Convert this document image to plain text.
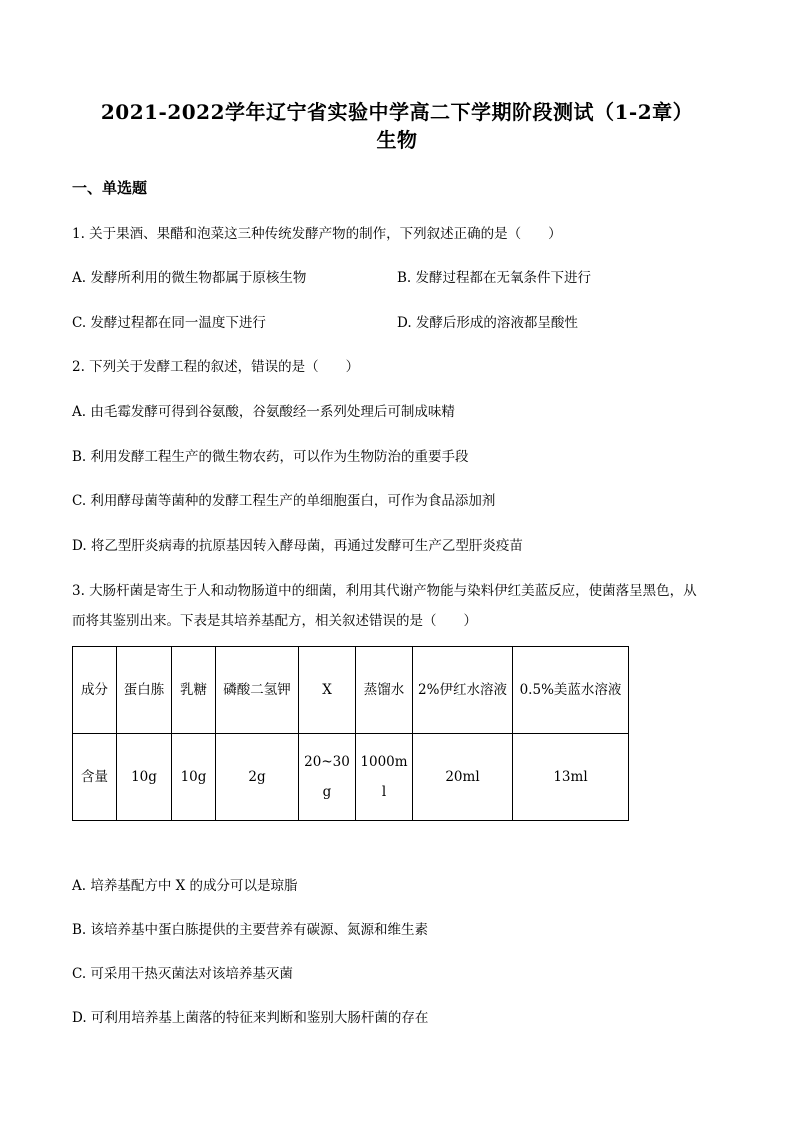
2021-2022学年辽宁省实验中学高二下学期阶段测试（1-2章）
生物
一、单选题
1. 关于果酒、果醋和泡菜这三种传统发酵产物的制作，下列叙述正确的是（　　）
A. 发酵所利用的微生物都属于原核生物	B. 发酵过程都在无氧条件下进行
C. 发酵过程都在同一温度下进行	D. 发酵后形成的溶液都呈酸性
2. 下列关于发酵工程的叙述，错误的是（　　）
A. 由毛霉发酵可得到谷氨酸，谷氨酸经一系列处理后可制成味精
B. 利用发酵工程生产的微生物农药，可以作为生物防治的重要手段
C. 利用酵母菌等菌种的发酵工程生产的单细胞蛋白，可作为食品添加剂
D. 将乙型肝炎病毒的抗原基因转入酵母菌，再通过发酵可生产乙型肝炎疫苗
3. 大肠杆菌是寄生于人和动物肠道中的细菌，利用其代谢产物能与染料伊红美蓝反应，使菌落呈黑色，从
而将其鉴别出来。下表是其培养基配方，相关叙述错误的是（　　）
成分	蛋白胨	乳糖	磷酸二氢钾	X	蒸馏水	2%伊红水溶液	0.5%美蓝水溶液
含量	10g	10g	2g	20~30g	1000ml	20ml	13ml
A. 培养基配方中 X 的成分可以是琼脂
B. 该培养基中蛋白胨提供的主要营养有碳源、氮源和维生素
C. 可采用干热灭菌法对该培养基灭菌
D. 可利用培养基上菌落的特征来判断和鉴别大肠杆菌的存在
